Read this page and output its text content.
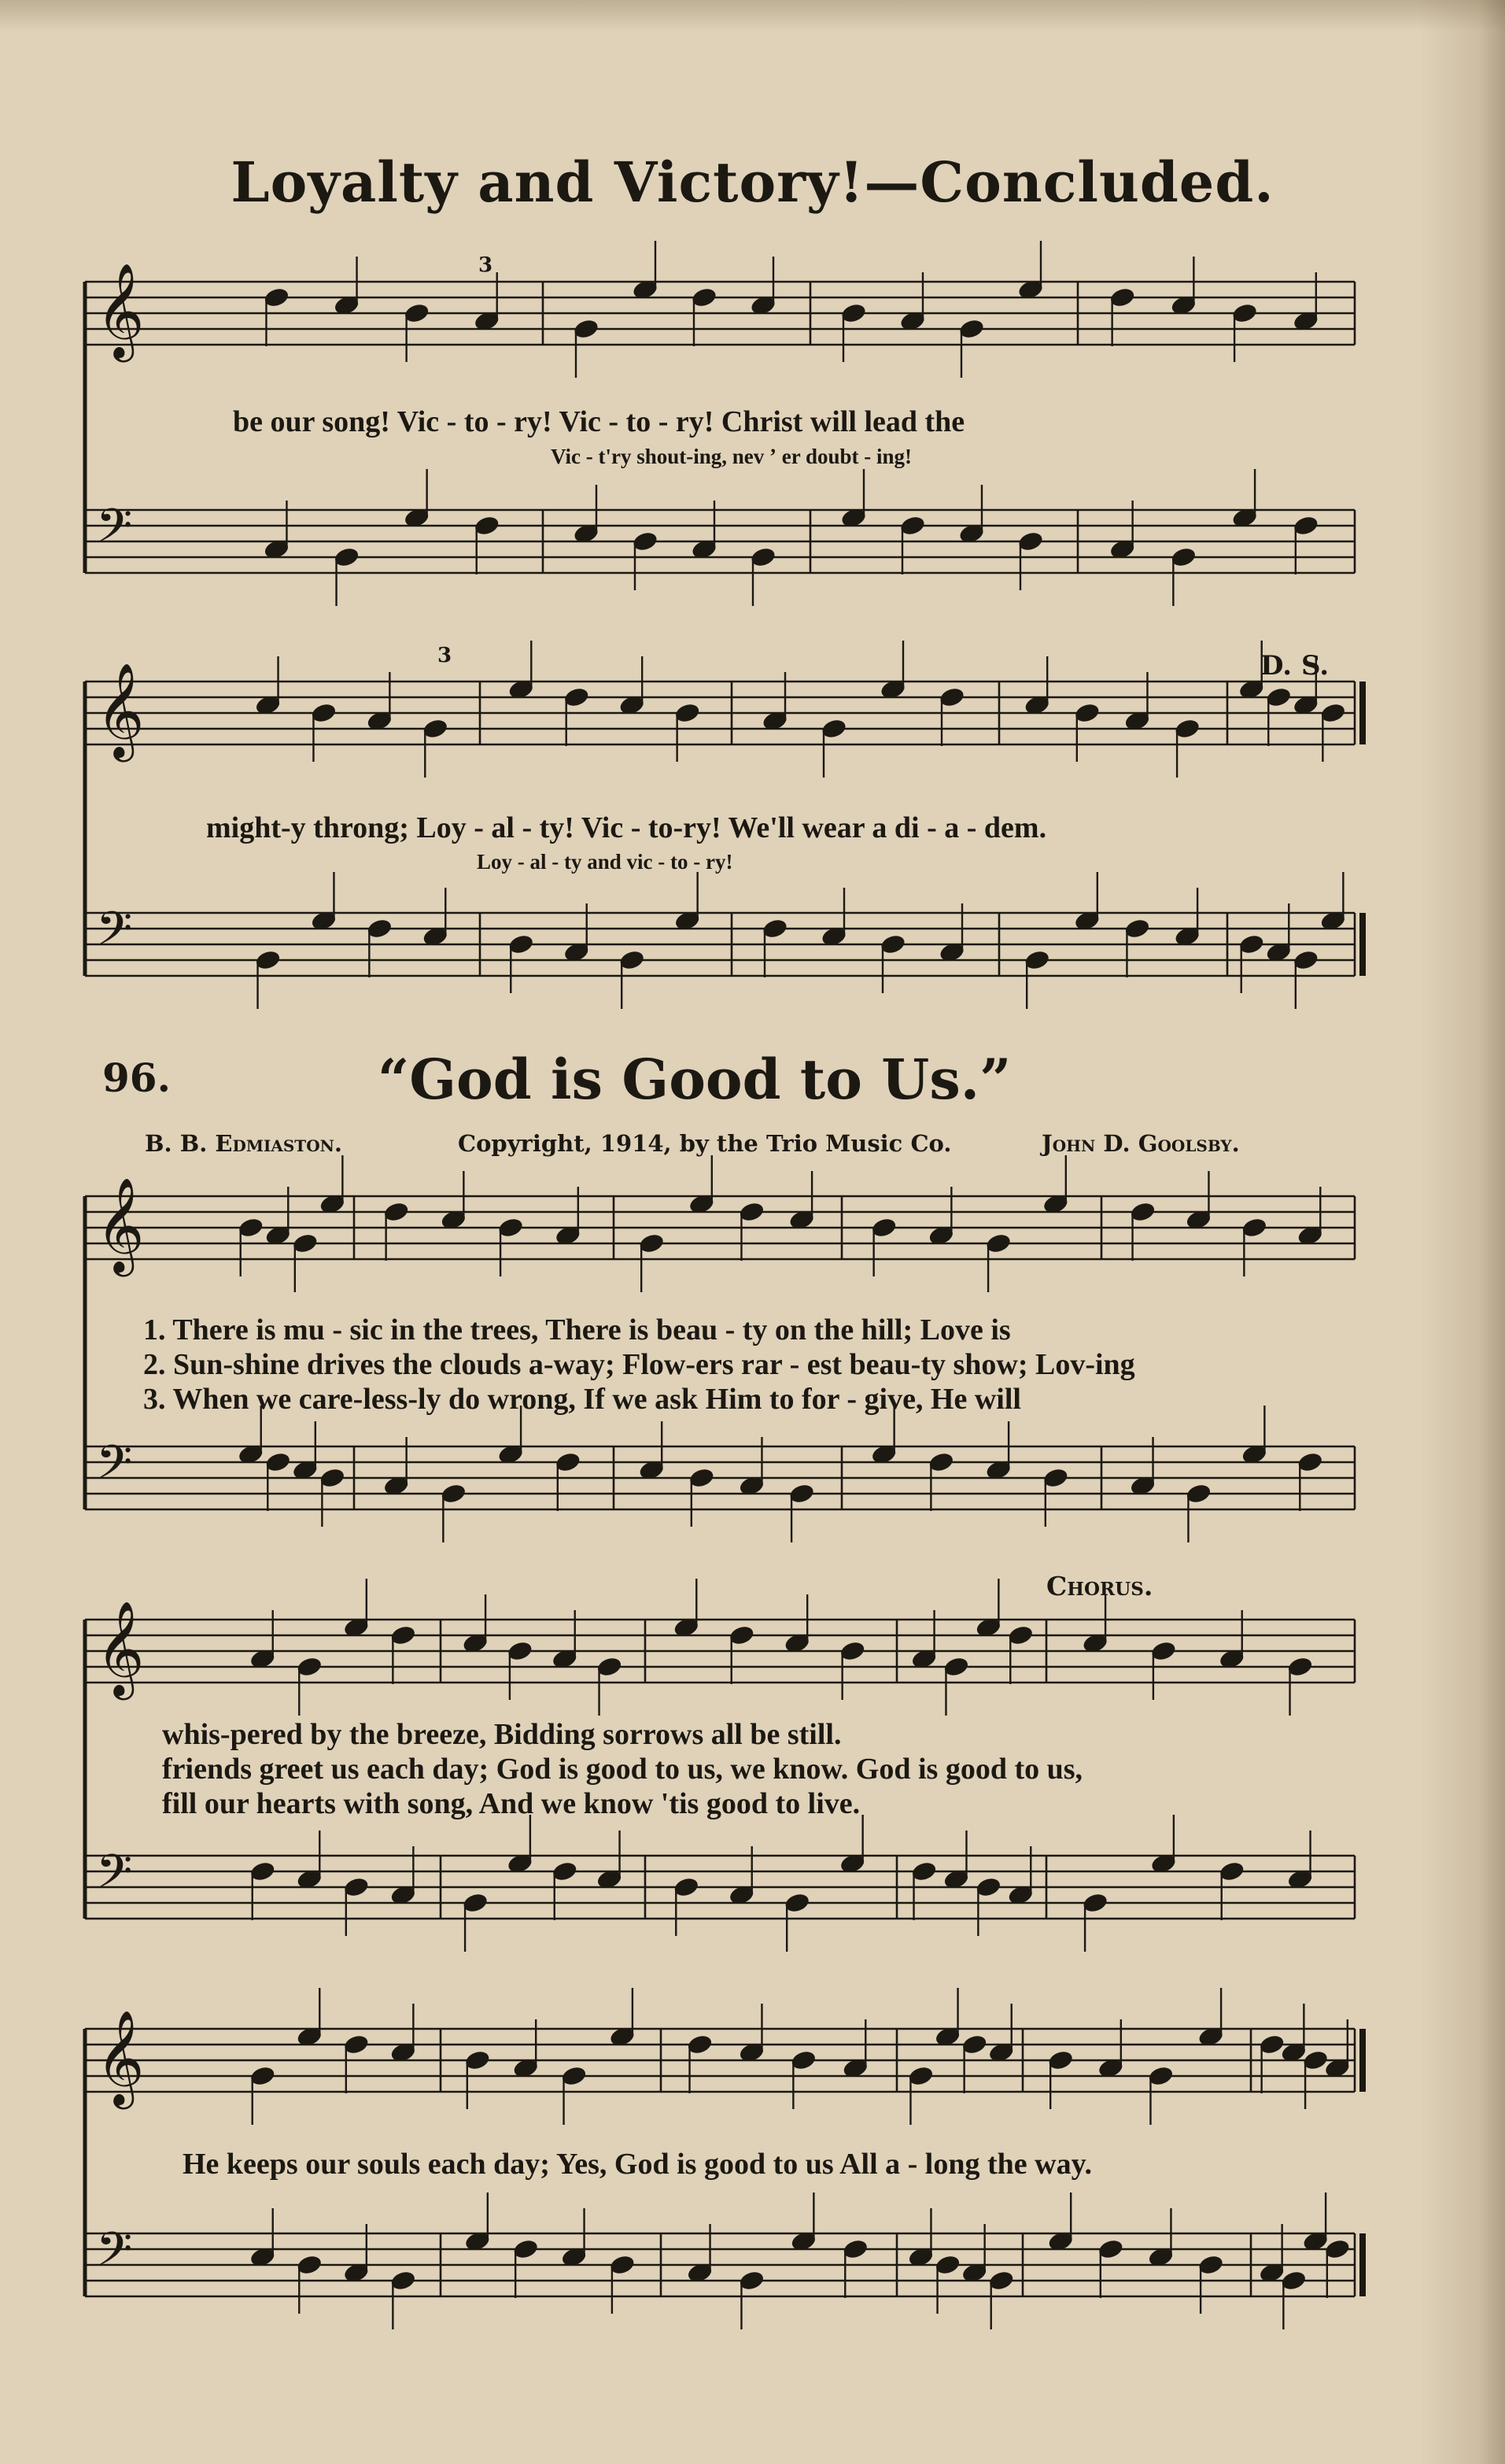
𝄞
𝄢
𝄞
𝄢
𝄞
𝄢
𝄞
𝄢
𝄞
𝄢
Loyalty and Victory!—Concluded.
be our song! Vic - to - ry! Vic - to - ry! Christ will lead the
Vic - t'ry shout-ing, nev ʼ er doubt - ing!
3
might-y throng; Loy - al - ty! Vic - to-ry! We'll wear a di - a - dem.
Loy - al - ty and vic - to - ry!
3	D. S.
96.	“God is Good to Us.”
B. B. Edmiaston.	Copyright, 1914, by the Trio Music Co.	John D. Goolsby.
1. There is mu - sic in the trees, There is beau - ty on the hill; Love is
2. Sun-shine drives the clouds a-way; Flow-ers rar - est beau-ty show; Lov-ing
3. When we care-less-ly do wrong, If we ask Him to for - give, He will
Chorus.
whis-pered by the breeze, Bidding sorrows all be still.
friends greet us each day; God is good to us, we know. God is good to us,
fill our hearts with song, And we know 'tis good to live.
He keeps our souls each day; Yes, God is good to us All a - long the way.
